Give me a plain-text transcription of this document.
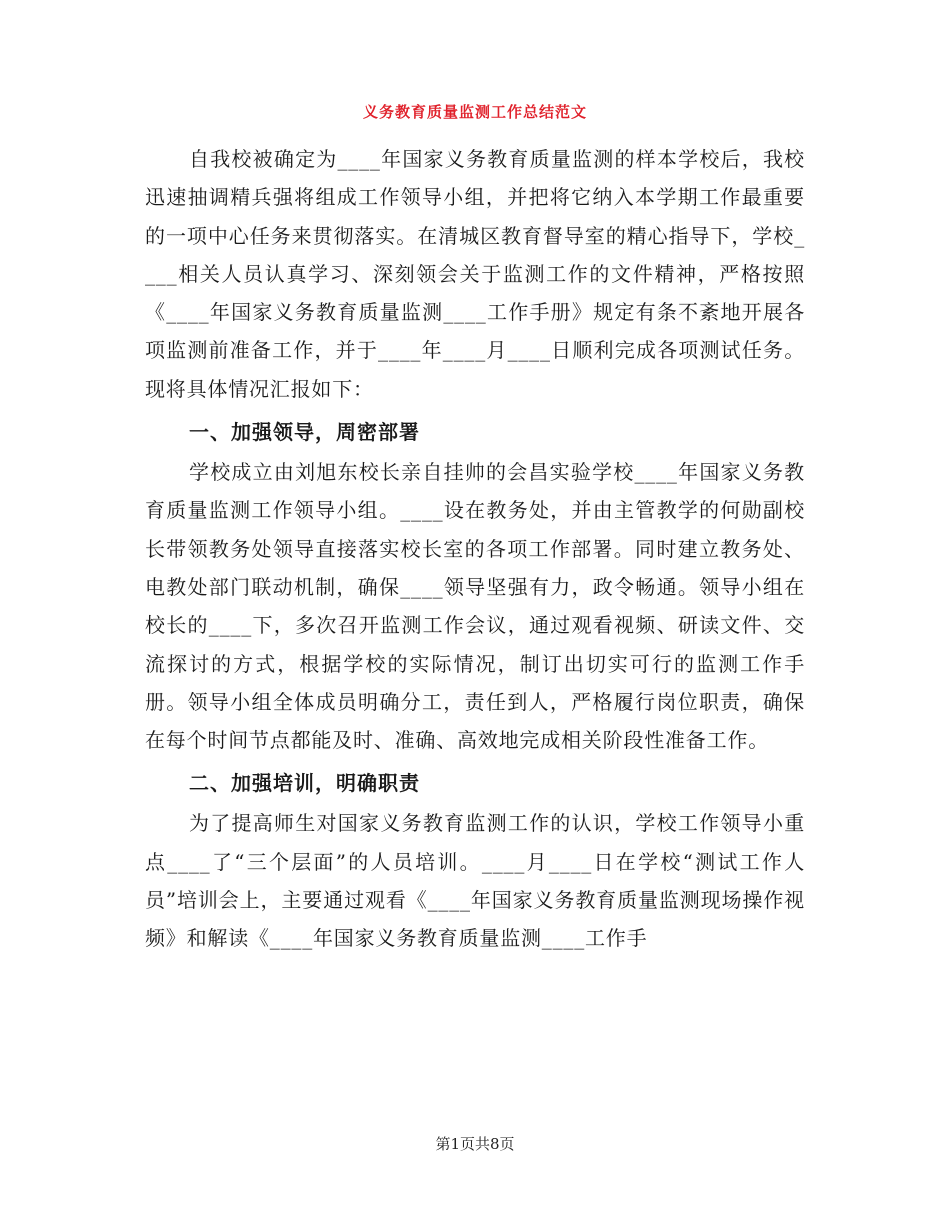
义务教育质量监测工作总结范文

自我校被确定为____年国家义务教育质量监测的样本学校后，我校迅速抽调精兵强将组成工作领导小组，并把将它纳入本学期工作最重要的一项中心任务来贯彻落实。在清城区教育督导室的精心指导下，学校____相关人员认真学习、深刻领会关于监测工作的文件精神，严格按照《____年国家义务教育质量监测____工作手册》规定有条不紊地开展各项监测前准备工作，并于____年____月____日顺利完成各项测试任务。现将具体情况汇报如下：

一、加强领导，周密部署

学校成立由刘旭东校长亲自挂帅的会昌实验学校____年国家义务教育质量监测工作领导小组。____设在教务处，并由主管教学的何勋副校长带领教务处领导直接落实校长室的各项工作部署。同时建立教务处、电教处部门联动机制，确保____领导坚强有力，政令畅通。领导小组在校长的____下，多次召开监测工作会议，通过观看视频、研读文件、交流探讨的方式，根据学校的实际情况，制订出切实可行的监测工作手册。领导小组全体成员明确分工，责任到人，严格履行岗位职责，确保在每个时间节点都能及时、准确、高效地完成相关阶段性准备工作。

二、加强培训，明确职责

为了提高师生对国家义务教育监测工作的认识，学校工作领导小重点____了“三个层面”的人员培训。____月____日在学校“测试工作人员”培训会上，主要通过观看《____年国家义务教育质量监测现场操作视频》和解读《____年国家义务教育质量监测____工作手

第1页共8页
